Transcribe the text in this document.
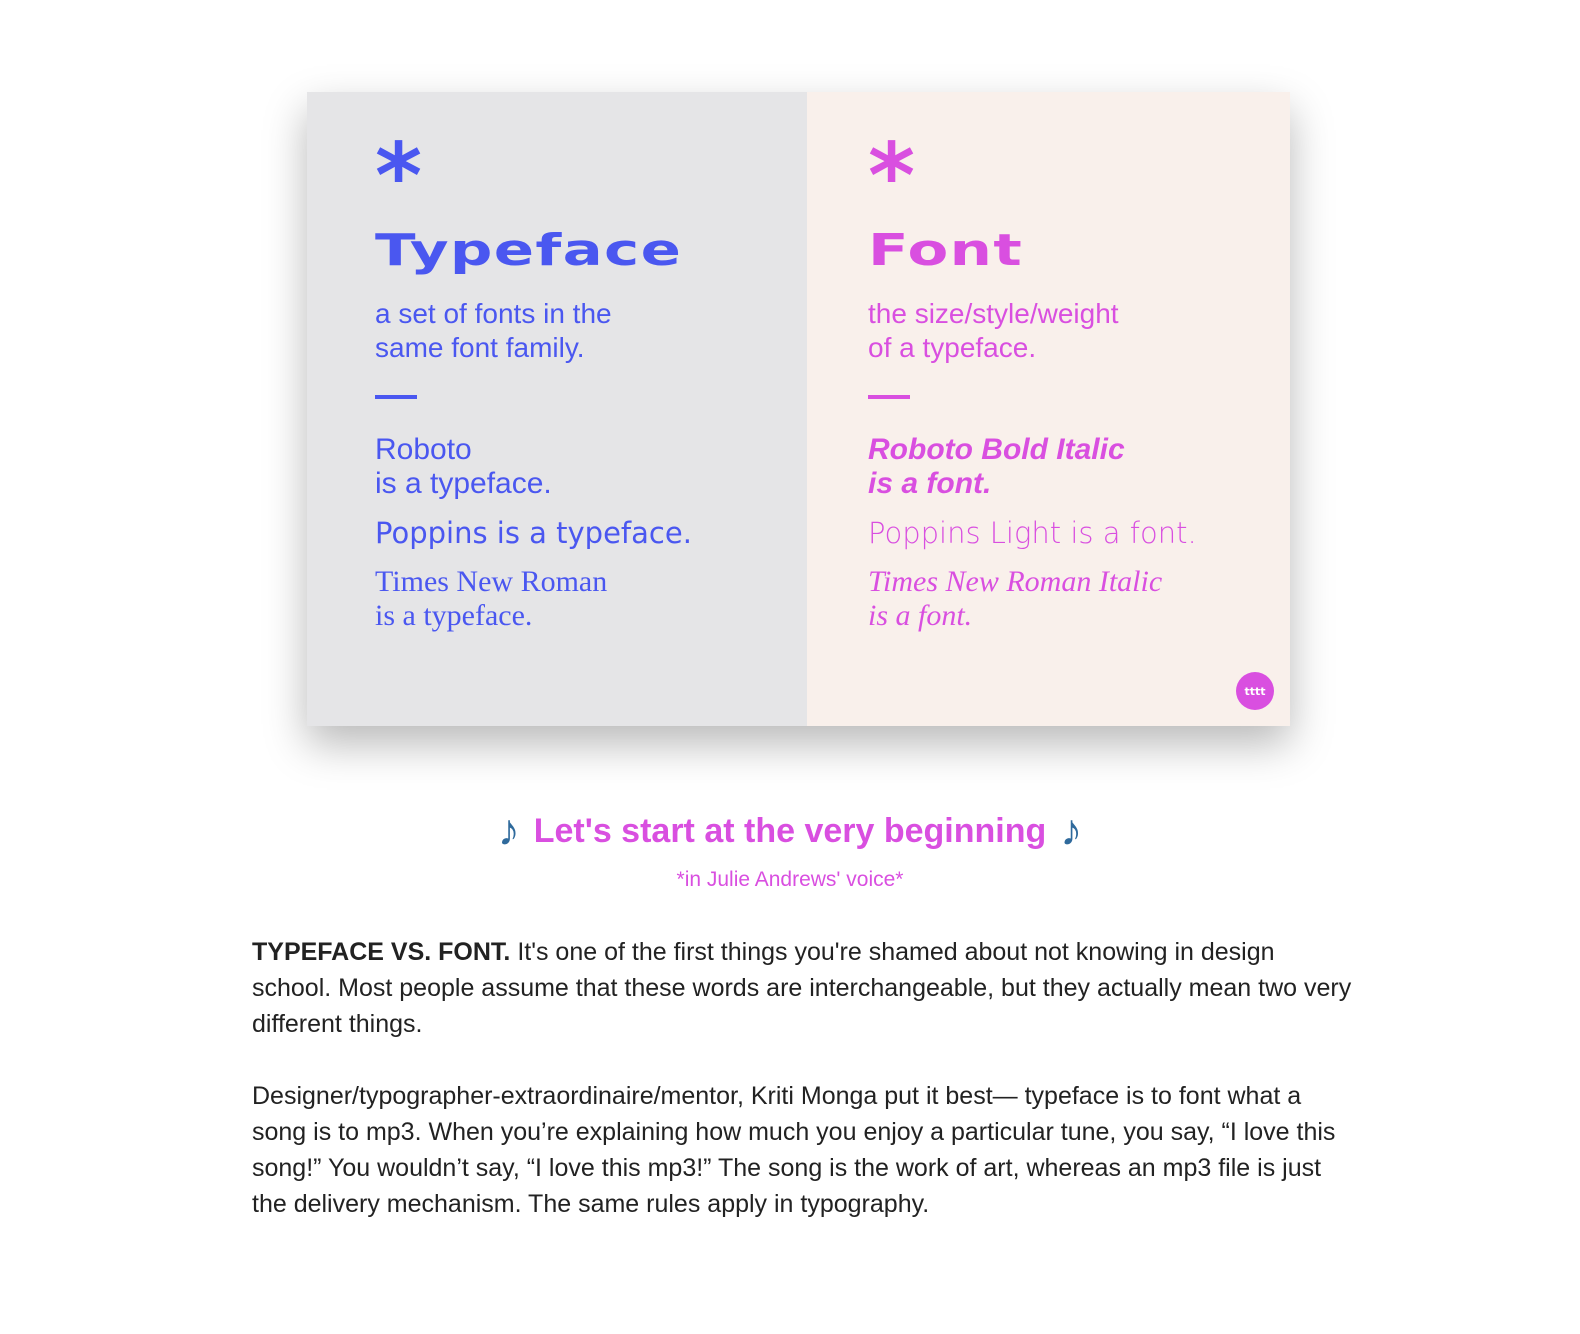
*
Typeface
a set of fonts in the
same font family.
Roboto
is a typeface.
Poppins is a typeface.
Times New Roman
is a typeface.
*
Font
the size/style/weight
of a typeface.
Roboto Bold Italic
is a font.
Poppins Light is a font.
Times New Roman Italic
is a font.
tttt
♪ Let's start at the very beginning ♪
*in Julie Andrews' voice*

TYPEFACE VS. FONT. It's one of the first things you're shamed about not knowing in design school. Most people assume that these words are interchangeable, but they actually mean two very different things.

Designer/typographer-extraordinaire/mentor, Kriti Monga put it best— typeface is to font what a song is to mp3. When you’re explaining how much you enjoy a particular tune, you say, “I love this song!” You wouldn’t say, “I love this mp3!” The song is the work of art, whereas an mp3 file is just the delivery mechanism. The same rules apply in typography.
